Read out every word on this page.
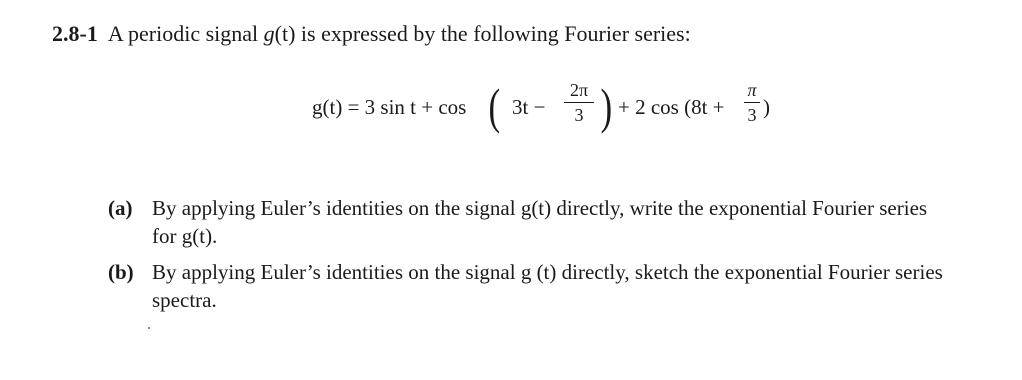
2.8-1 A periodic signal g(t) is expressed by the following Fourier series:
g(t) = 3 sin t + cos ( 3t −
2π
3 ) + 2 cos (8t +
π
3 )
(a) By applying Euler’s identities on the signal g(t) directly, write the exponential Fourier series
for g(t).
(b) By applying Euler’s identities on the signal g (t) directly, sketch the exponential Fourier series
spectra.
